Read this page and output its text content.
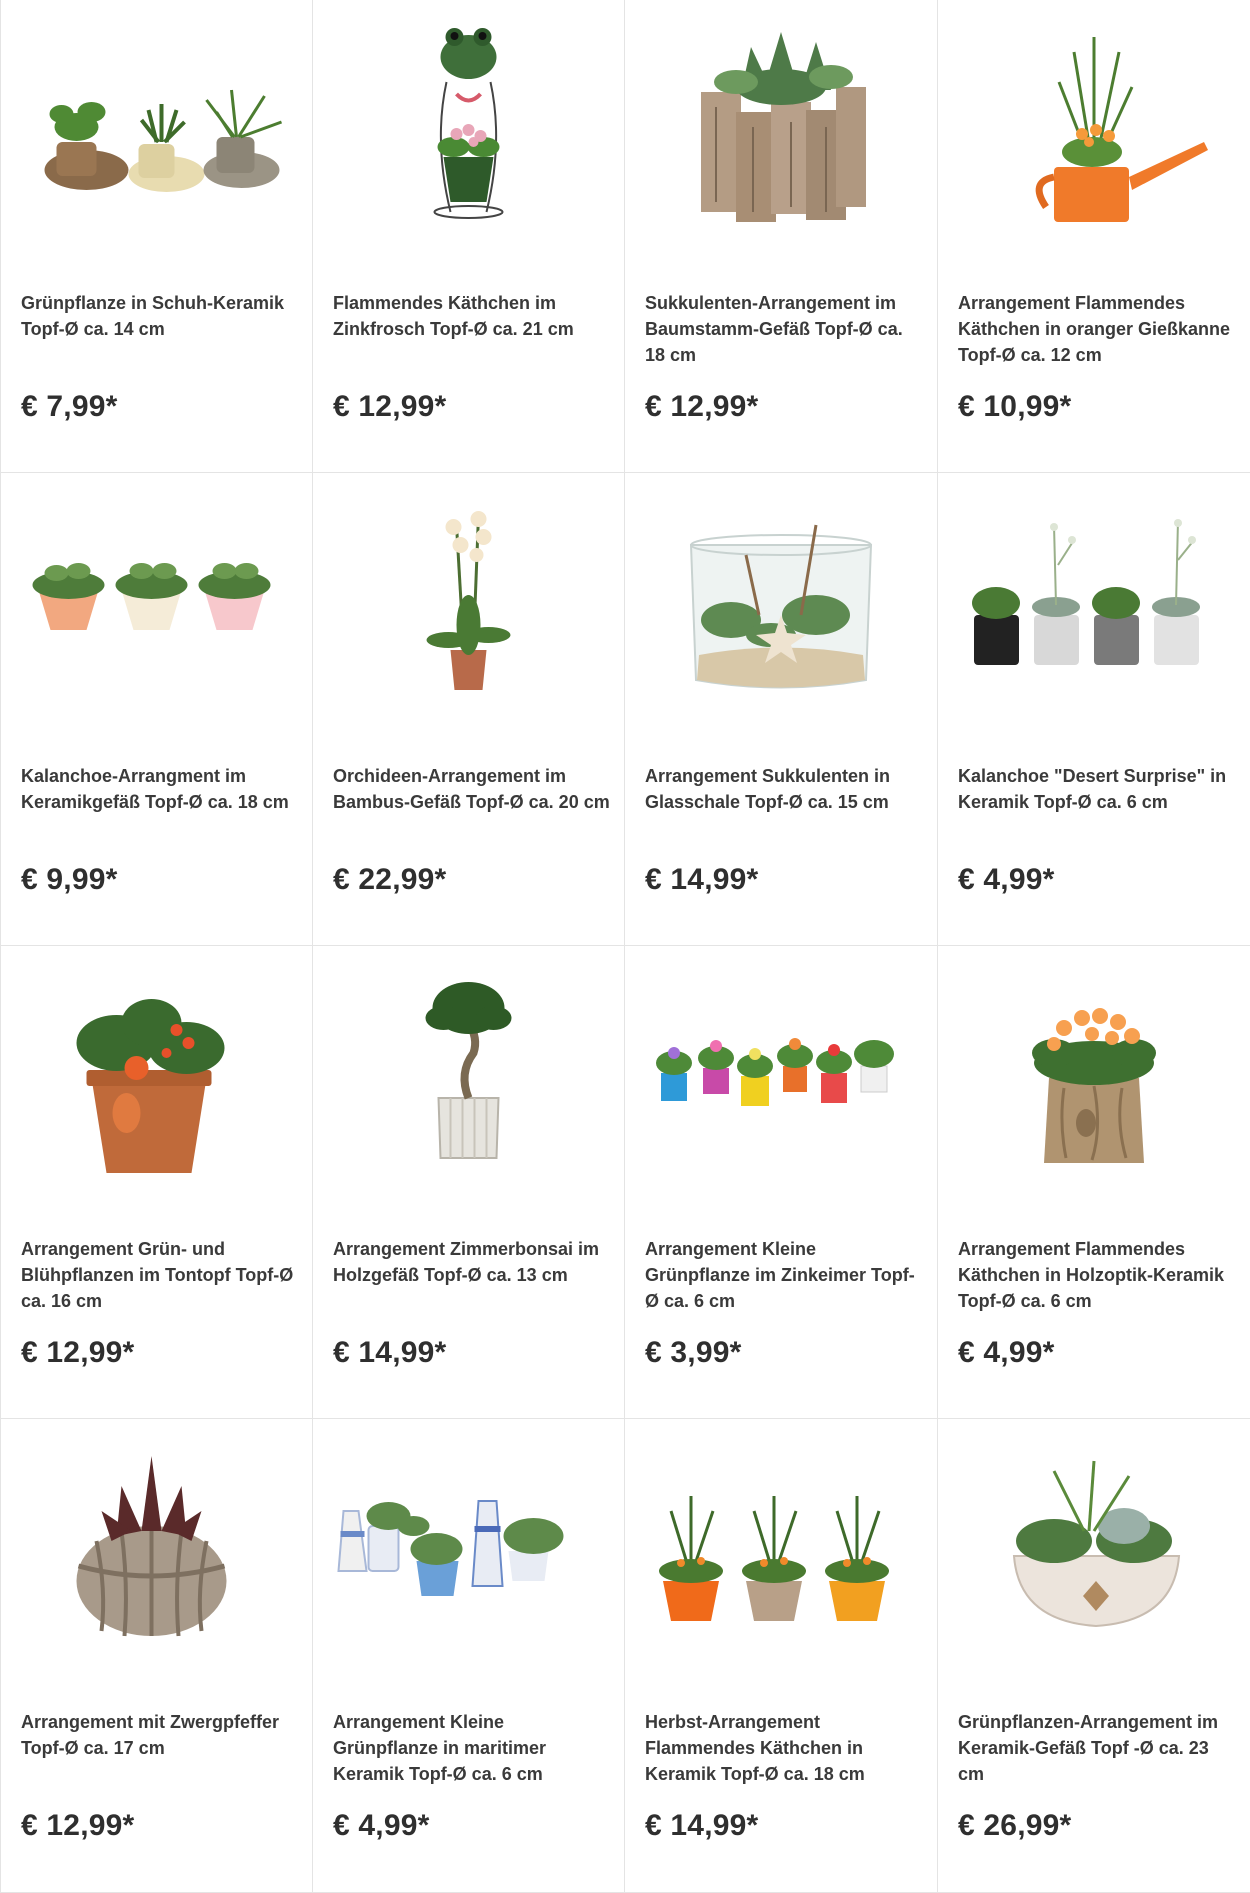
Grünpflanze in Schuh-Keramik Topf-Ø ca. 14 cm
€ 7,99*
Flammendes Käthchen im Zinkfrosch Topf-Ø ca. 21 cm
€ 12,99*
Sukkulenten-Arrangement im Baumstamm-Gefäß Topf-Ø ca. 18 cm
€ 12,99*
Arrangement Flammendes Käthchen in oranger Gießkanne Topf-Ø ca. 12 cm
€ 10,99*
Kalanchoe-Arrangment im Keramikgefäß Topf-Ø ca. 18 cm
€ 9,99*
Orchideen-Arrangement im Bambus-Gefäß Topf-Ø ca. 20 cm
€ 22,99*
Arrangement Sukkulenten in Glasschale Topf-Ø ca. 15 cm
€ 14,99*
Kalanchoe "Desert Surprise" in Keramik Topf-Ø ca. 6 cm
€ 4,99*
Arrangement Grün- und Blühpflanzen im Tontopf Topf-Ø ca. 16 cm
€ 12,99*
Arrangement Zimmerbonsai im Holzgefäß Topf-Ø ca. 13 cm
€ 14,99*
Arrangement Kleine Grünpflanze im Zinkeimer Topf-Ø ca. 6 cm
€ 3,99*
Arrangement Flammendes Käthchen in Holzoptik-Keramik Topf-Ø ca. 6 cm
€ 4,99*
Arrangement mit Zwergpfeffer Topf-Ø ca. 17 cm
€ 12,99*
Arrangement Kleine Grünpflanze in maritimer Keramik Topf-Ø ca. 6 cm
€ 4,99*
Herbst-Arrangement Flammendes Käthchen in Keramik Topf-Ø ca. 18 cm
€ 14,99*
Grünpflanzen-Arrangement im Keramik-Gefäß Topf -Ø ca. 23 cm
€ 26,99*
